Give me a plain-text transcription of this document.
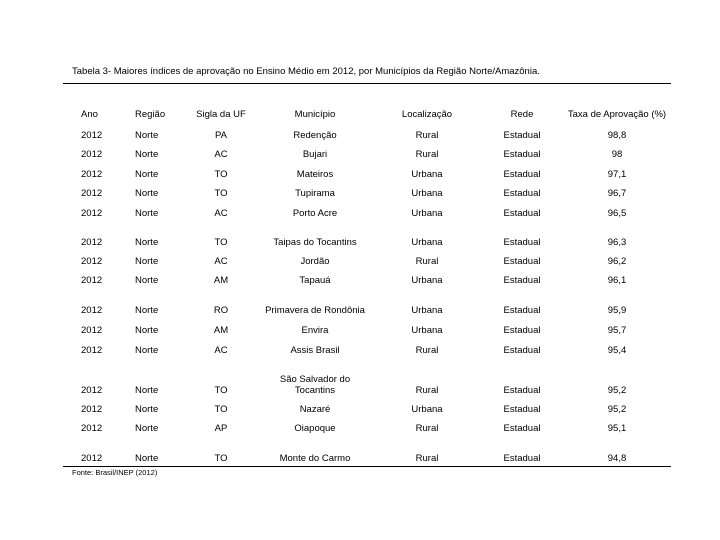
Tabela 3- Maiores índices de aprovação no Ensino Médio em 2012, por Municípios da Região Norte/Amazônia.
Ano	Região	Sigla da UF	Município	Localização	Rede	Taxa de Aprovação (%)
2012	Norte	PA	Redenção	Rural	Estadual	98,8
2012	Norte	AC	Bujari	Rural	Estadual	98
2012	Norte	TO	Mateiros	Urbana	Estadual	97,1
2012	Norte	TO	Tupirama	Urbana	Estadual	96,7
2012	Norte	AC	Porto Acre	Urbana	Estadual	96,5
2012	Norte	TO	Taipas do Tocantins	Urbana	Estadual	96,3
2012	Norte	AC	Jordão	Rural	Estadual	96,2
2012	Norte	AM	Tapauá	Urbana	Estadual	96,1
2012	Norte	RO	Primavera de Rondônia	Urbana	Estadual	95,9
2012	Norte	AM	Envira	Urbana	Estadual	95,7
2012	Norte	AC	Assis Brasil	Rural	Estadual	95,4
2012	Norte	TO	São Salvador do Tocantins	Rural	Estadual	95,2
2012	Norte	TO	Nazaré	Urbana	Estadual	95,2
2012	Norte	AP	Oiapoque	Rural	Estadual	95,1
2012	Norte	TO	Monte do Carmo	Rural	Estadual	94,8
Fonte: Brasil/INEP (2012)
